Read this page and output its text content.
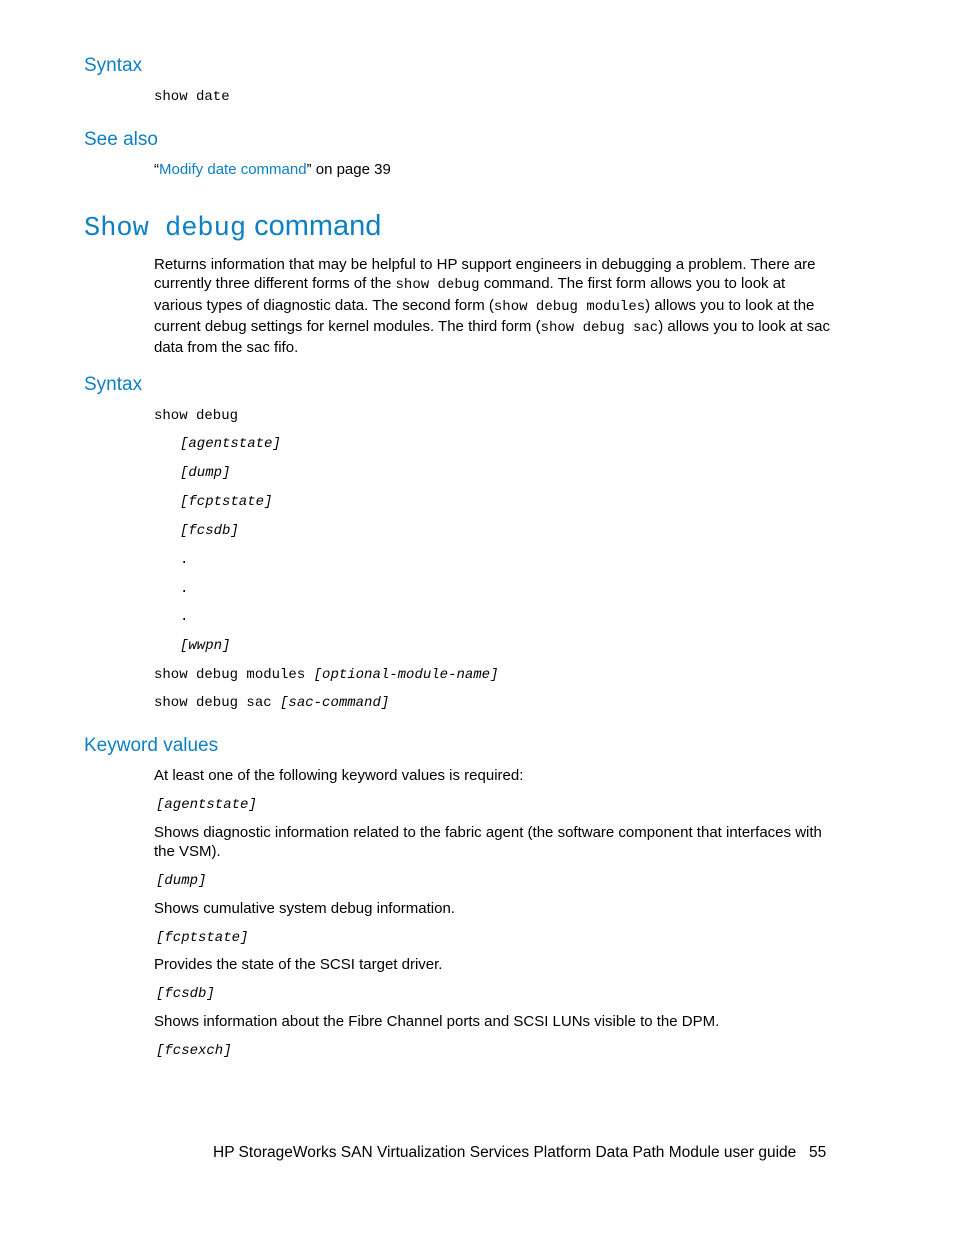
Syntax
show date
See also

“Modify date command” on page 39

Show debug command

Returns information that may be helpful to HP support engineers in debugging a problem. There are currently three different forms of the show debug command. The first form allows you to look at various types of diagnostic data. The second form (show debug modules) allows you to look at the current debug settings for kernel modules. The third form (show debug sac) allows you to look at sac data from the sac fifo.

Syntax
show debug
[agentstate]
[dump]
[fcptstate]
[fcsdb]
.
.
.
[wwpn]
show debug modules [optional-module-name]
show debug sac [sac-command]
Keyword values

At least one of the following keyword values is required:

[agentstate]

Shows diagnostic information related to the fabric agent (the software component that interfaces with the VSM).

[dump]

Shows cumulative system debug information.

[fcptstate]

Provides the state of the SCSI target driver.

[fcsdb]

Shows information about the Fibre Channel ports and SCSI LUNs visible to the DPM.

[fcsexch]

HP StorageWorks SAN Virtualization Services Platform Data Path Module user guide 55
